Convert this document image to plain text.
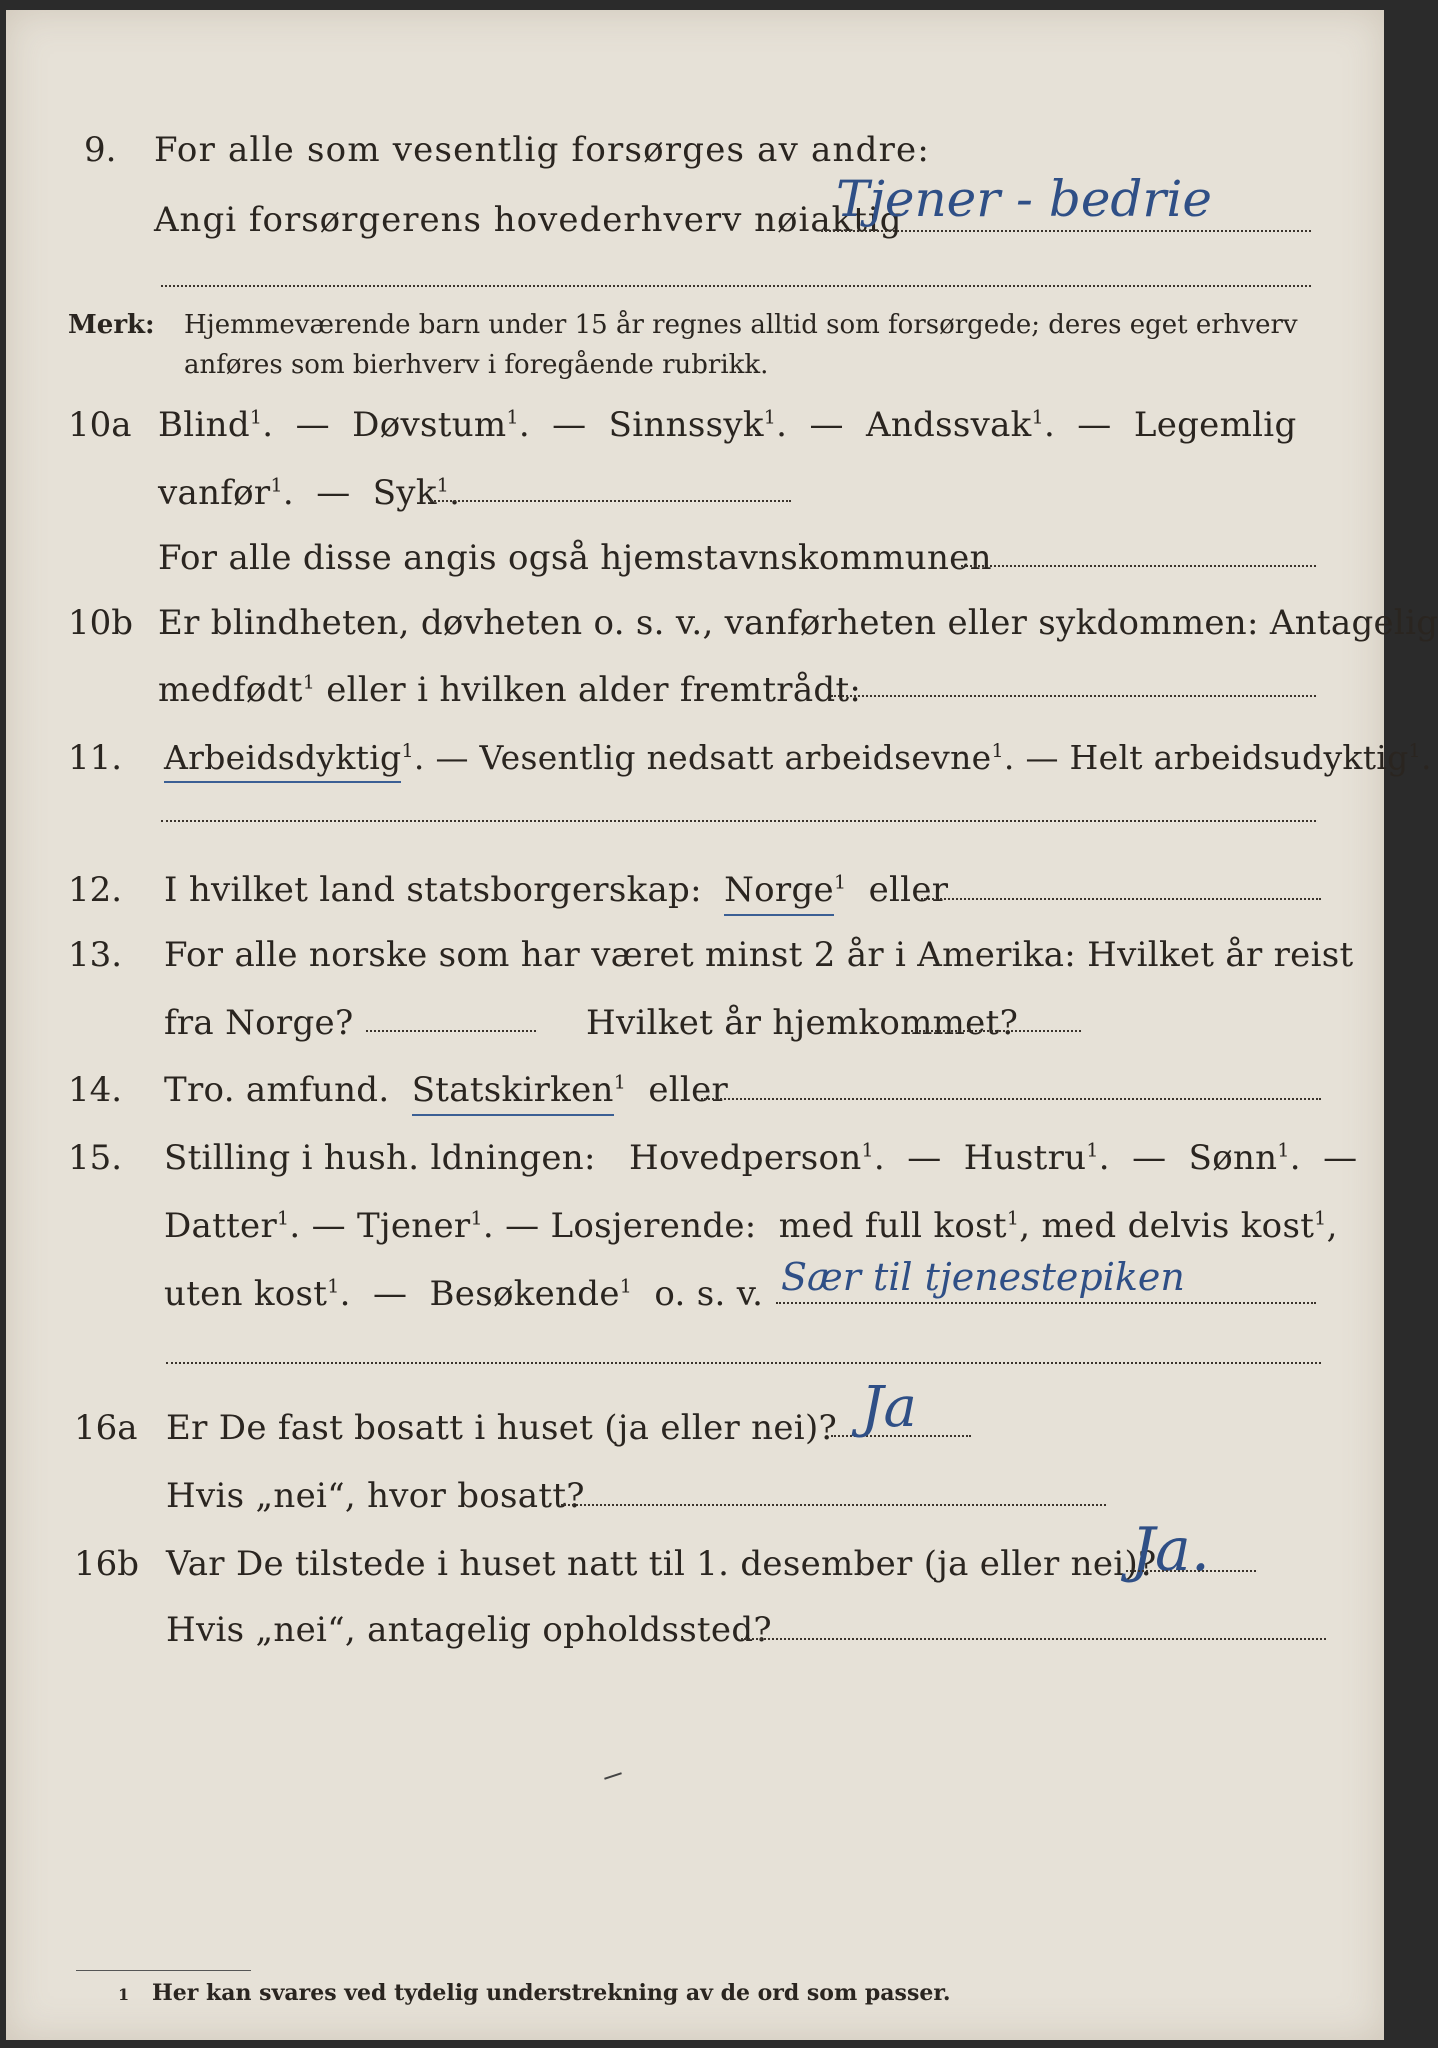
9. For alle som vesentlig forsørges av andre:
Angi forsørgerens hovederhverv nøiaktig
Tjener - bedrie
Merk: Hjemmeværende barn under 15 år regnes alltid som forsørgede; deres eget erhverv
anføres som bierhverv i foregående rubrikk.
10a Blind$^1$.  —  Døvstum$^1$.  —  Sinnssyk$^1$.  —  Andssvak$^1$.  —  Legemlig
vanfør$^1$.  —  Syk$^1$.
For alle disse angis også hjemstavnskommunen
10b Er blindheten, døvheten o. s. v., vanførheten eller sykdommen: Antagelig
medfødt$^1$ eller i hvilken alder fremtrådt:
11. Arbeidsdyktig$^1$. — Vesentlig nedsatt arbeidsevne$^1$. — Helt arbeidsudyktig$^1$.
12. I hvilket land statsborgerskap: Norge$^1$ eller
13. For alle norske som har været minst 2 år i Amerika: Hvilket år reist
fra Norge?	Hvilket år hjemkommet?
14. Tro. amfund. Statskirken$^1$ eller
15. Stilling i hush. ldningen: Hovedperson$^1$.  —  Hustru$^1$.  —  Sønn$^1$.  —
Datter$^1$. — Tjener$^1$. — Losjerende: med full kost$^1$, med delvis kost$^1$,
uten kost$^1$.  —  Besøkende$^1$ o. s. v. Sær til tjenestepiken
16a Er De fast bosatt i huset (ja eller nei)? Ja
Hvis „nei“, hvor bosatt?
16b Var De tilstede i huset natt til 1. desember (ja eller nei)?
Ja.
Hvis „nei“, antagelig opholdssted?
1 Her kan svares ved tydelig understrekning av de ord som passer.
